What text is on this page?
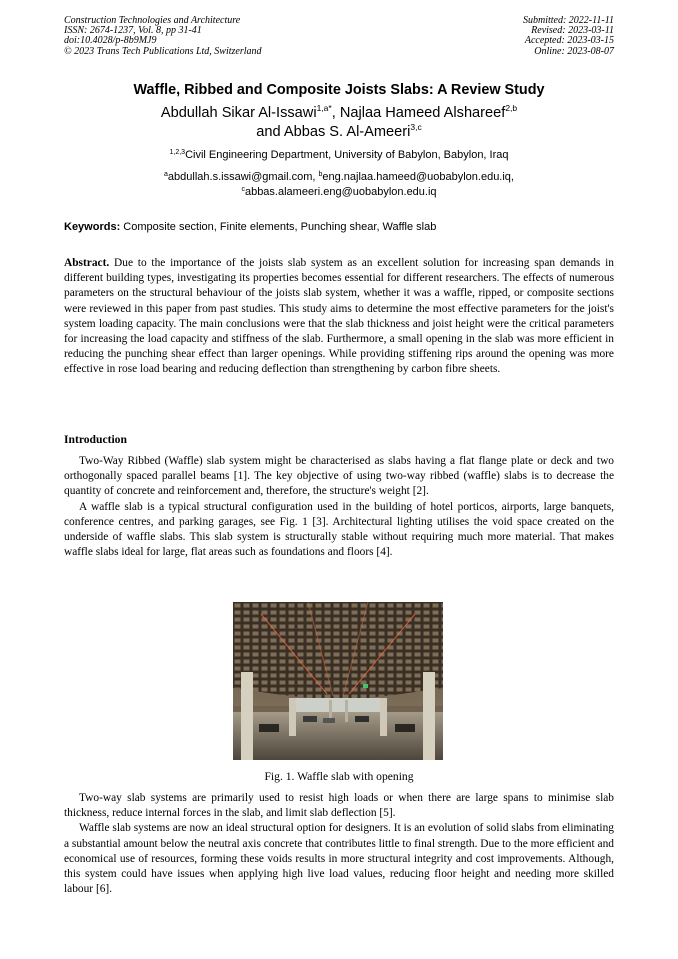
Construction Technologies and Architecture
ISSN: 2674-1237, Vol. 8, pp 31-41
doi:10.4028/p-8b9MJ9
© 2023 Trans Tech Publications Ltd, Switzerland
Submitted: 2022-11-11
Revised: 2023-03-11
Accepted: 2023-03-15
Online: 2023-08-07
Waffle, Ribbed and Composite Joists Slabs: A Review Study
Abdullah Sikar Al-Issawi$^{1,a*}$, Najlaa Hameed Alshareef$^{2,b}$
and Abbas S. Al-Ameeri$^{3,c}$
$^{1,2,3}$Civil Engineering Department, University of Babylon, Babylon, Iraq
$^a$abdullah.s.issawi@gmail.com, $^b$eng.najlaa.hameed@uobabylon.edu.iq,
$^c$abbas.alameeri.eng@uobabylon.edu.iq
Keywords: Composite section, Finite elements, Punching shear, Waffle slab
Abstract. Due to the importance of the joists slab system as an excellent solution for increasing span demands in different building types, investigating its properties becomes essential for different researchers. The effects of numerous parameters on the structural behaviour of the joists slab system, whether it was a waffle, ripped, or composite sections were reviewed in this paper from past studies. This study aims to determine the most effective parameters for the joist's system loading capacity. The main conclusions were that the slab thickness and joist height were the critical parameters for increasing the load capacity and stiffness of the slab. Furthermore, a small opening in the slab was more efficient in reducing the punching shear effect than larger openings. While providing stiffening rips around the opening was more effective in rose load bearing and reducing deflection than strengthening by carbon fibre sheets.
Introduction

Two-Way Ribbed (Waffle) slab system might be characterised as slabs having a flat flange plate or deck and two orthogonally spaced parallel beams [1]. The key objective of using two-way ribbed (waffle) slabs is to decrease the quantity of concrete and reinforcement and, therefore, the structure's weight [2].

A waffle slab is a typical structural configuration used in the building of hotel porticos, airports, large banquets, conference centres, and parking garages, see Fig. 1 [3]. Architectural lighting utilises the void space created on the underside of waffle slabs. This slab system is structurally stable without requiring much more material. That makes waffle slabs ideal for large, flat areas such as foundations and floors [4].

Fig. 1. Waffle slab with opening

Two-way slab systems are primarily used to resist high loads or when there are large spans to minimise slab thickness, reduce internal forces in the slab, and limit slab deflection [5].

Waffle slab systems are now an ideal structural option for designers. It is an evolution of solid slabs from eliminating a substantial amount below the neutral axis concrete that contributes little to final strength. Due to the more efficient and economical use of resources, forming these voids results in more structural integrity and cost improvements. Although, this system could have issues when applying high live load values, reducing floor height and needing more skilled labour [6].
